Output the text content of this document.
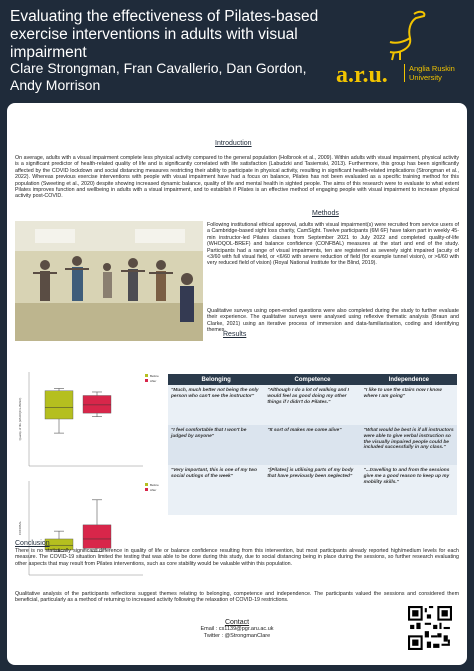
Evaluating the effectiveness of Pilates-based exercise interventions in adults with visual impairment
Clare Strongman, Fran Cavallerio, Dan Gordon, Andy Morrison	a.r.u.	Anglia Ruskin
University
Introduction
On average, adults with a visual impairment complete less physical activity compared to the general population (Holbrook et al., 2009). Within adults with visual impairment, physical activity is a significant predictor of health-related quality of life and is significantly correlated with life satisfaction (Labudzki and Tasiemski, 2013). Furthermore, this group has been significantly affected by the COVID lockdown and social distancing measures restricting their ability to participate in physical activity, resulting in significant health-related implications (Strongman et al., 2022). Whereas previous exercise interventions with people with visual impairment have had a focus on balance, Pilates has not been evaluated as a specific training method for this population (Sweeting et al., 2020) despite showing increased dynamic balance, quality of life and mental health in sighted people. The aims of this research were to evaluate to what extent Pilates improves function and wellbeing in adults with a visual impairment, and to establish if Pilates is an effective method of engaging people with visual impairment to increase physical activity post-COVID.
Methods
Following institutional ethical approval, adults with visual impairment(s) were recruited from service users of a Cambridge-based sight loss charity, CamSight. Twelve participants (6M 6F) have taken part in weekly 45-min instructor-led Pilates classes from September 2021 to July 2022 and completed quality-of-life (WHOQOL-BREF) and balance confidence (CONFBAL) measures at the start and end of the study. Participants had a range of visual impairments, ten are registered as severely sight impaired (acuity of <3/60 with full visual field, or <6/60 with severe reduction of field (for example tunnel vision), or >6/60 with very reduced field of vision) (Royal National Institute for the Blind, 2019).
Qualitative surveys using open-ended questions were also completed during the study to further evaluate their experience. The qualitative surveys were analysed using reflexive thematic analysis (Braun and Clarke, 2021) using an iterative process of immersion and data-familiarisation, coding and identifying themes.
Results
Quality of life (WHOQOL-BREF)
Before
After
CONFBAL
Before
After
Belonging	Competence	Independence
"Much, much better not being the only person who can't see the instructor"	"Although I do a lot of walking and I would feel as good doing my other things if I didn't do Pilates."	"I like to use the stairs now I know where I am going"
"I feel comfortable that I won't be judged by anyone"	"It sort of makes me come alive"	"What would be best is if all instructors were able to give verbal instruction so the visually impaired people could be included successfully in any class."
"Very important, this is one of my two social outings of the week"	"[Pilates] is utilising parts of my body that have previously been neglected"	"...travelling to and from the sessions give me a good reason to keep up my mobility skills."
Conclusion
There is no statistically significant difference in quality of life or balance confidence resulting from this intervention, but most participants already reported high/medium levels for each measure. The COVID-19 situation limited the testing that was able to be done during this study, due to social distancing being in place during the sessions, so further research evaluating other aspects that may result from Pilates interventions, such as core stability would be valuable within this population.
Qualitative analysis of the participants reflections suggest themes relating to belonging, competence and independence. The participants valued the sessions and considered them beneficial, particularly as a method of returning to increased activity following the relaxation of COVID-19 restrictions.
Contact
Email : cs1139@pgr.aru.ac.uk
Twitter : @StrongmanClare
